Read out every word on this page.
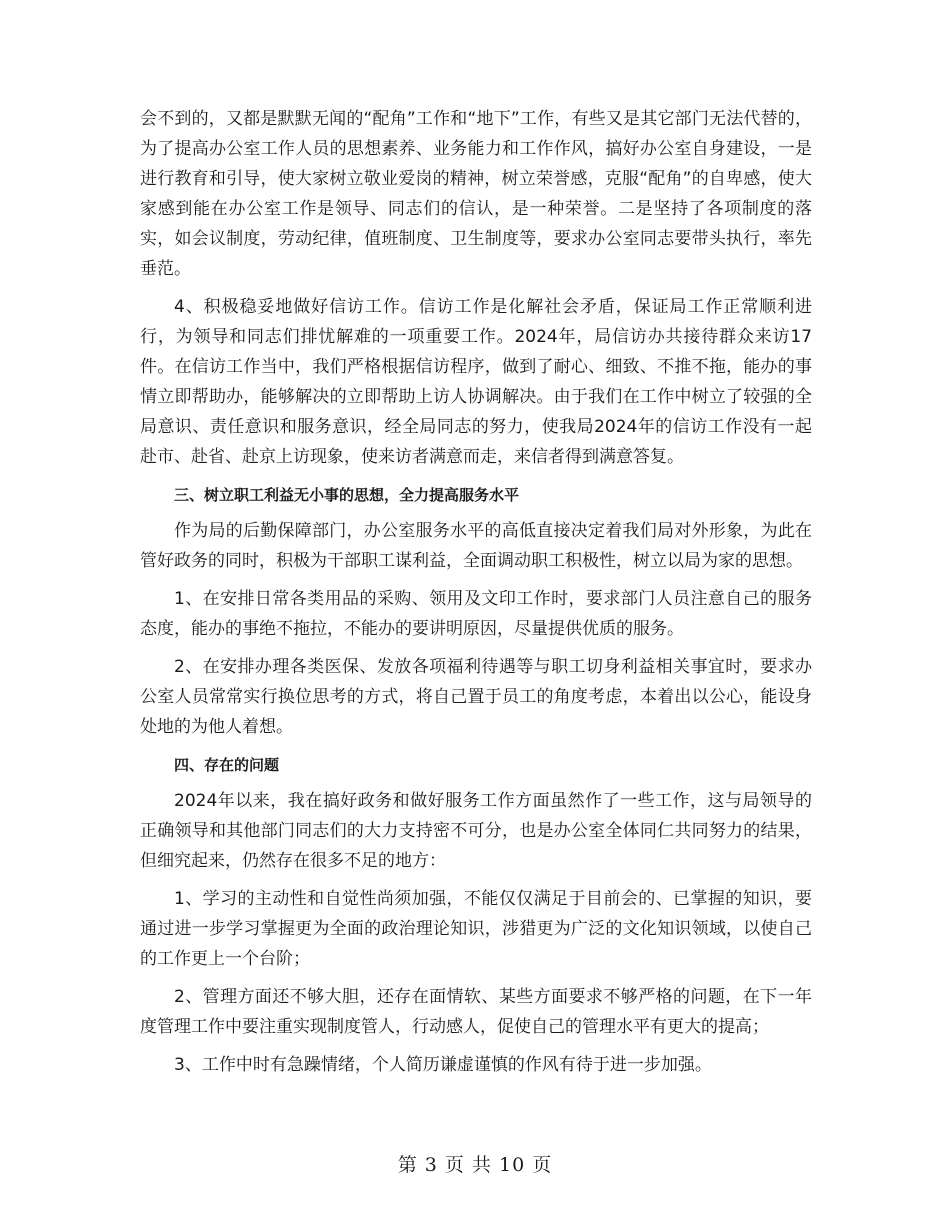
会不到的，又都是默默无闻的“配角”工作和“地下”工作，有些又是其它部门无法代替的，为了提高办公室工作人员的思想素养、业务能力和工作作风，搞好办公室自身建设，一是进行教育和引导，使大家树立敬业爱岗的精神，树立荣誉感，克服“配角”的自卑感，使大家感到能在办公室工作是领导、同志们的信认，是一种荣誉。二是坚持了各项制度的落实，如会议制度，劳动纪律，值班制度、卫生制度等，要求办公室同志要带头执行，率先垂范。

4、积极稳妥地做好信访工作。信访工作是化解社会矛盾，保证局工作正常顺利进行，为领导和同志们排忧解难的一项重要工作。2024年，局信访办共接待群众来访17件。在信访工作当中，我们严格根据信访程序，做到了耐心、细致、不推不拖，能办的事情立即帮助办，能够解决的立即帮助上访人协调解决。由于我们在工作中树立了较强的全局意识、责任意识和服务意识，经全局同志的努力，使我局2024年的信访工作没有一起赴市、赴省、赴京上访现象，使来访者满意而走，来信者得到满意答复。

三、树立职工利益无小事的思想，全力提高服务水平

作为局的后勤保障部门，办公室服务水平的高低直接决定着我们局对外形象，为此在管好政务的同时，积极为干部职工谋利益，全面调动职工积极性，树立以局为家的思想。

1、在安排日常各类用品的采购、领用及文印工作时，要求部门人员注意自己的服务态度，能办的事绝不拖拉，不能办的要讲明原因，尽量提供优质的服务。

2、在安排办理各类医保、发放各项福利待遇等与职工切身利益相关事宜时，要求办公室人员常常实行换位思考的方式，将自己置于员工的角度考虑，本着出以公心，能设身处地的为他人着想。

四、存在的问题

2024年以来，我在搞好政务和做好服务工作方面虽然作了一些工作，这与局领导的正确领导和其他部门同志们的大力支持密不可分，也是办公室全体同仁共同努力的结果，但细究起来，仍然存在很多不足的地方：

1、学习的主动性和自觉性尚须加强，不能仅仅满足于目前会的、已掌握的知识，要通过进一步学习掌握更为全面的政治理论知识，涉猎更为广泛的文化知识领域，以使自己的工作更上一个台阶；

2、管理方面还不够大胆，还存在面情软、某些方面要求不够严格的问题，在下一年度管理工作中要注重实现制度管人，行动感人，促使自己的管理水平有更大的提高；

3、工作中时有急躁情绪，个人简历谦虚谨慎的作风有待于进一步加强。

第 3 页 共 10 页
